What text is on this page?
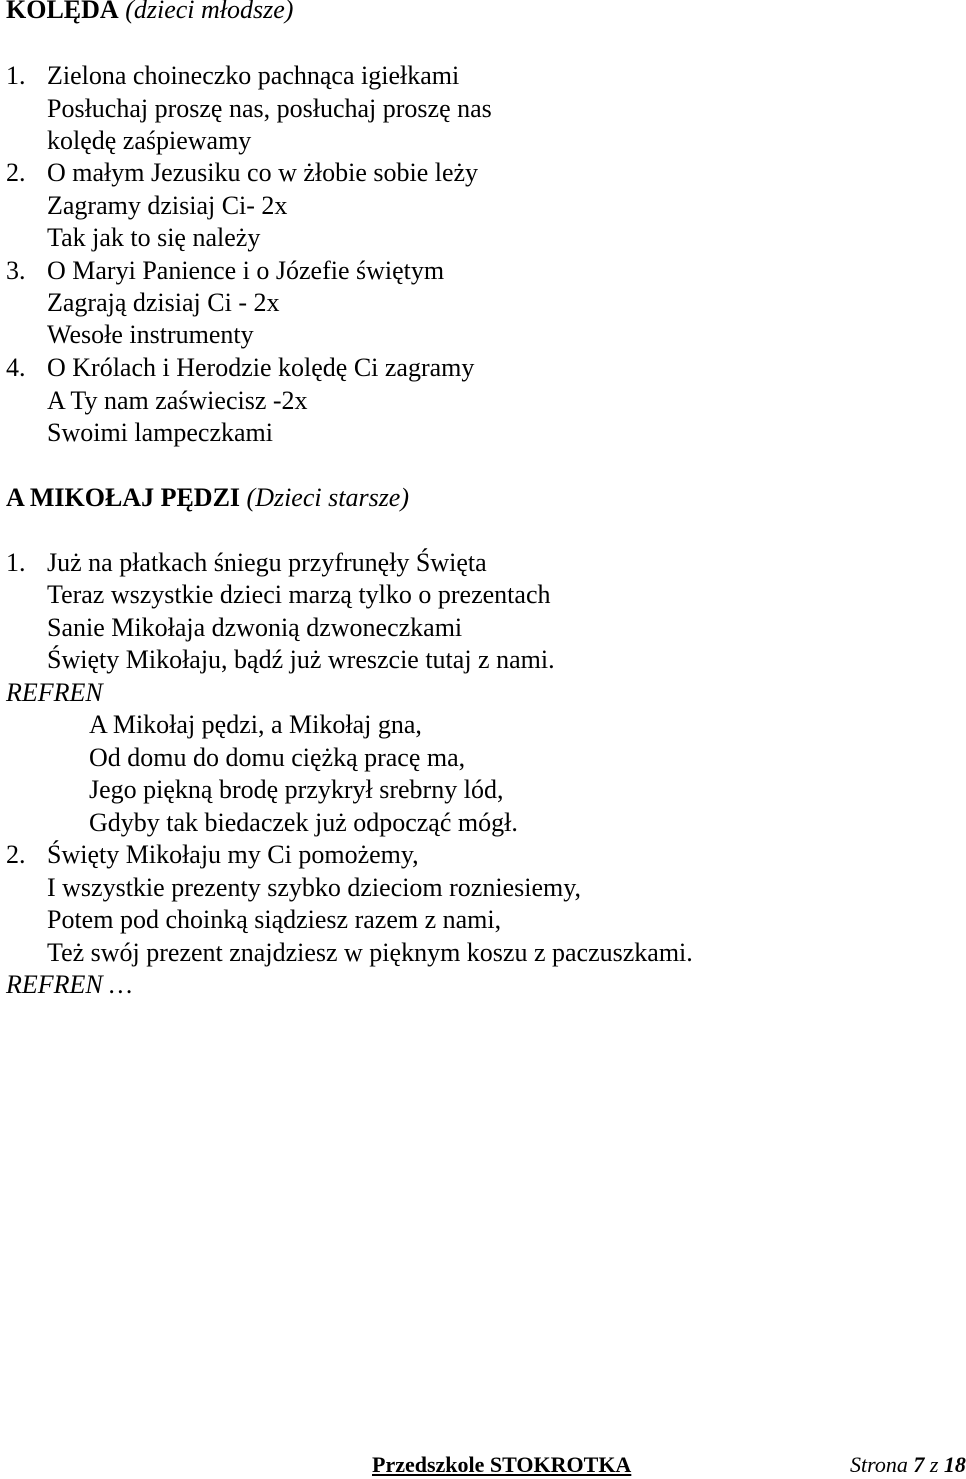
KOLĘDA (dzieci młodsze)
1. Zielona choineczko pachnąca igiełkami
Posłuchaj proszę nas, posłuchaj proszę nas
kolędę zaśpiewamy
2. O małym Jezusiku co w żłobie sobie leży
Zagramy dzisiaj Ci- 2x
Tak jak to się należy
3. O Maryi Panience i o Józefie świętym
Zagrają dzisiaj Ci - 2x
Wesołe instrumenty
4. O Królach i Herodzie kolędę Ci zagramy
A Ty nam zaświecisz -2x
Swoimi lampeczkami
A MIKOŁAJ PĘDZI (Dzieci starsze)
1. Już na płatkach śniegu przyfrunęły Święta
Teraz wszystkie dzieci marzą tylko o prezentach
Sanie Mikołaja dzwonią dzwoneczkami
Święty Mikołaju, bądź już wreszcie tutaj z nami.
REFREN
A Mikołaj pędzi, a Mikołaj gna,
Od domu do domu ciężką pracę ma,
Jego piękną brodę przykrył srebrny lód,
Gdyby tak biedaczek już odpocząć mógł.
2. Święty Mikołaju my Ci pomożemy,
I wszystkie prezenty szybko dzieciom rozniesiemy,
Potem pod choinką siądziesz razem z nami,
Też swój prezent znajdziesz w pięknym koszu z paczuszkami.
REFREN …
Przedszkole STOKROTKA	Strona 7 z 18
